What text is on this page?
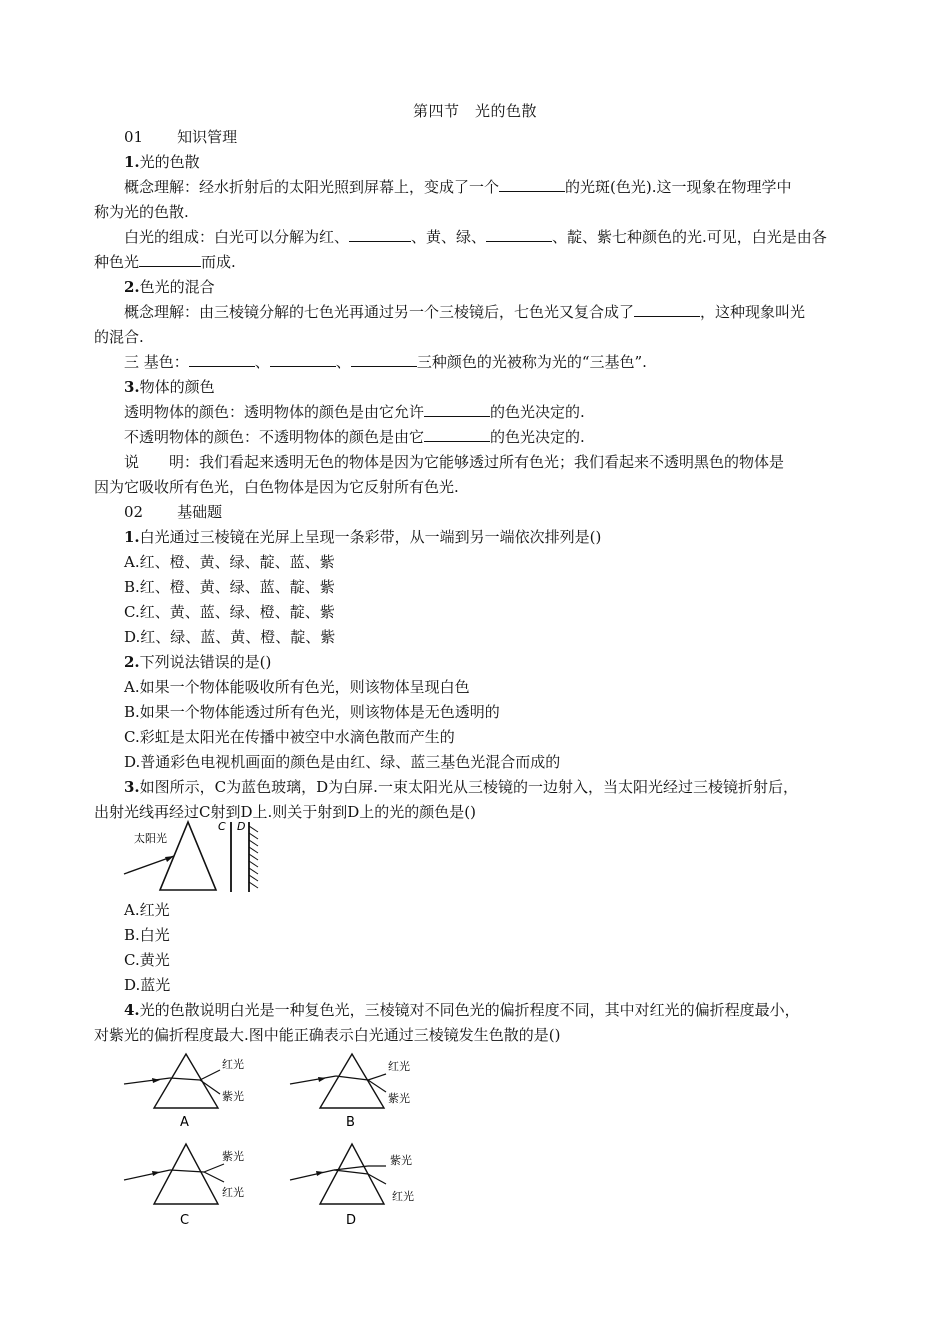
第四节　光的色散
01 知识管理
1.光的色散
概念理解：经水折射后的太阳光照到屏幕上，变成了一个	的光斑(色光).这一现象在物理学中
称为光的色散.
白光的组成：白光可以分解为红、	、黄、绿、	、靛、紫七种颜色的光.可见，白光是由各
种色光	而成.
2.色光的混合
概念理解：由三棱镜分解的七色光再通过另一个三棱镜后，七色光又复合成了	，这种现象叫光
的混合.
三 基色：	、	、	三种颜色的光被称为光的“三基色”.
3.物体的颜色
透明物体的颜色：透明物体的颜色是由它允许	的色光决定的.
不透明物体的颜色：不透明物体的颜色是由它	的色光决定的.
说　　明：我们看起来透明无色的物体是因为它能够透过所有色光；我们看起来不透明黑色的物体是
因为它吸收所有色光，白色物体是因为它反射所有色光.
02 基础题
1.白光通过三棱镜在光屏上呈现一条彩带，从一端到另一端依次排列是()
A.红、橙、黄、绿、靛、蓝、紫
B.红、橙、黄、绿、蓝、靛、紫
C.红、黄、蓝、绿、橙、靛、紫
D.红、绿、蓝、黄、橙、靛、紫
2.下列说法错误的是()
A.如果一个物体能吸收所有色光，则该物体呈现白色
B.如果一个物体能透过所有色光，则该物体是无色透明的
C.彩虹是太阳光在传播中被空中水滴色散而产生的
D.普通彩色电视机画面的颜色是由红、绿、蓝三基色光混合而成的
3.如图所示，C为蓝色玻璃，D为白屏.一束太阳光从三棱镜的一边射入，当太阳光经过三棱镜折射后，
出射光线再经过C射到D上.则关于射到D上的光的颜色是()
太阳光
C D
A.红光
B.白光
C.黄光
D.蓝光
4.光的色散说明白光是一种复色光，三棱镜对不同色光的偏折程度不同，其中对红光的偏折程度最小，
对紫光的偏折程度最大.图中能正确表示白光通过三棱镜发生色散的是()
红光
紫光
A
红光
紫光
B
紫光
红光
C
紫光
红光
D
